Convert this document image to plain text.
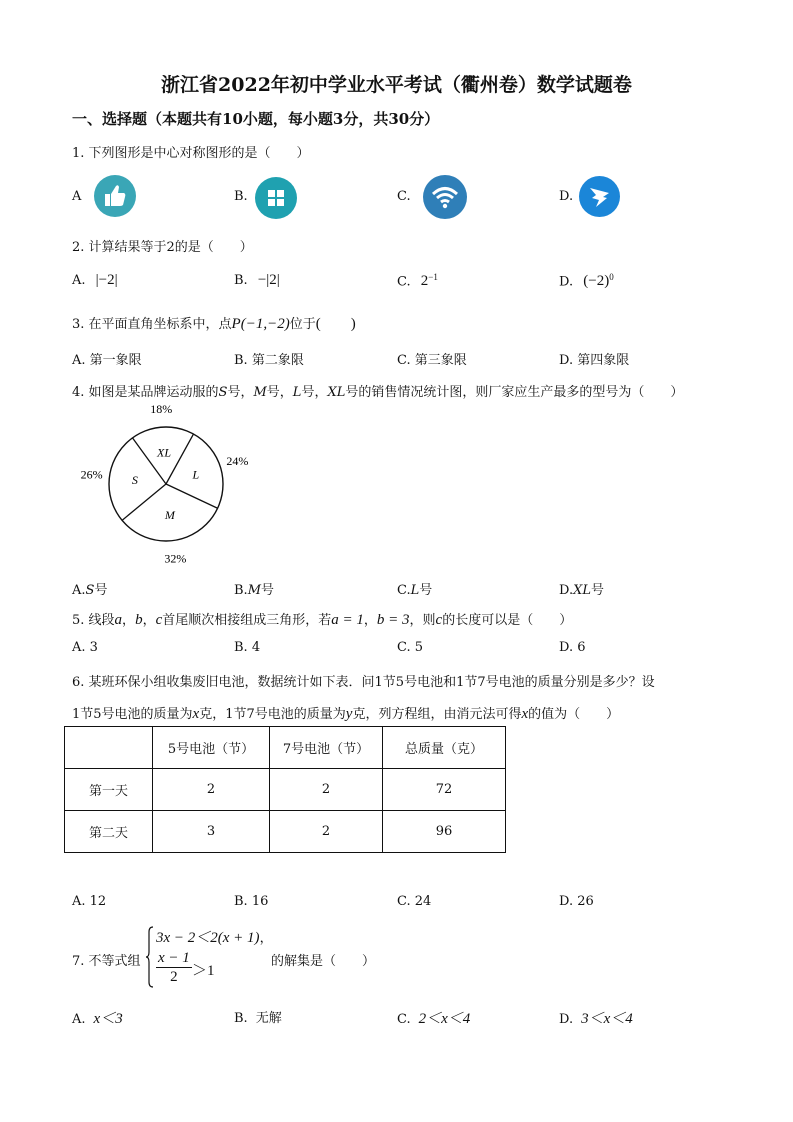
浙江省2022年初中学业水平考试（衢州卷）数学试题卷
一、选择题（本题共有10小题，每小题3分，共30分）
1. 下列图形是中心对称图形的是（　　）
A	B.	C.	D.
2. 计算结果等于2的是（　　）
A. |−2|	B. −|2|	C. $2^{-1}$	D. $(-2)^0$
3. 在平面直角坐标系中，点P(−1,−2)位于(　　)
A. 第一象限	B. 第二象限	C. 第三象限	D. 第四象限
4. 如图是某品牌运动服的S号，M号，L号，XL号的销售情况统计图，则厂家应生产最多的型号为（　　）
L
24%
M
32%
S
26%
XL
18%
A.S号	B.M号	C.L号	D.XL号
5. 线段a，b，c首尾顺次相接组成三角形，若a = 1，b = 3，则c的长度可以是（　　）
A. 3	B. 4	C. 5	D. 6
6. 某班环保小组收集废旧电池，数据统计如下表．问1节5号电池和1节7号电池的质量分别是多少？设
1节5号电池的质量为x克，1节7号电池的质量为y克，列方程组，由消元法可得x的值为（　　）
	5号电池（节）	7号电池（节）	总质量（克）
第一天	2	2	72
第二天	3	2	96
A. 12	B. 16	C. 24	D. 26
7. 不等式组
3x − 2＜2(x + 1)，
$\frac{x - 1}{2} >1$
的解集是（　　）
A. x＜3	B. 无解	C. 2＜x＜4	D. 3＜x＜4
